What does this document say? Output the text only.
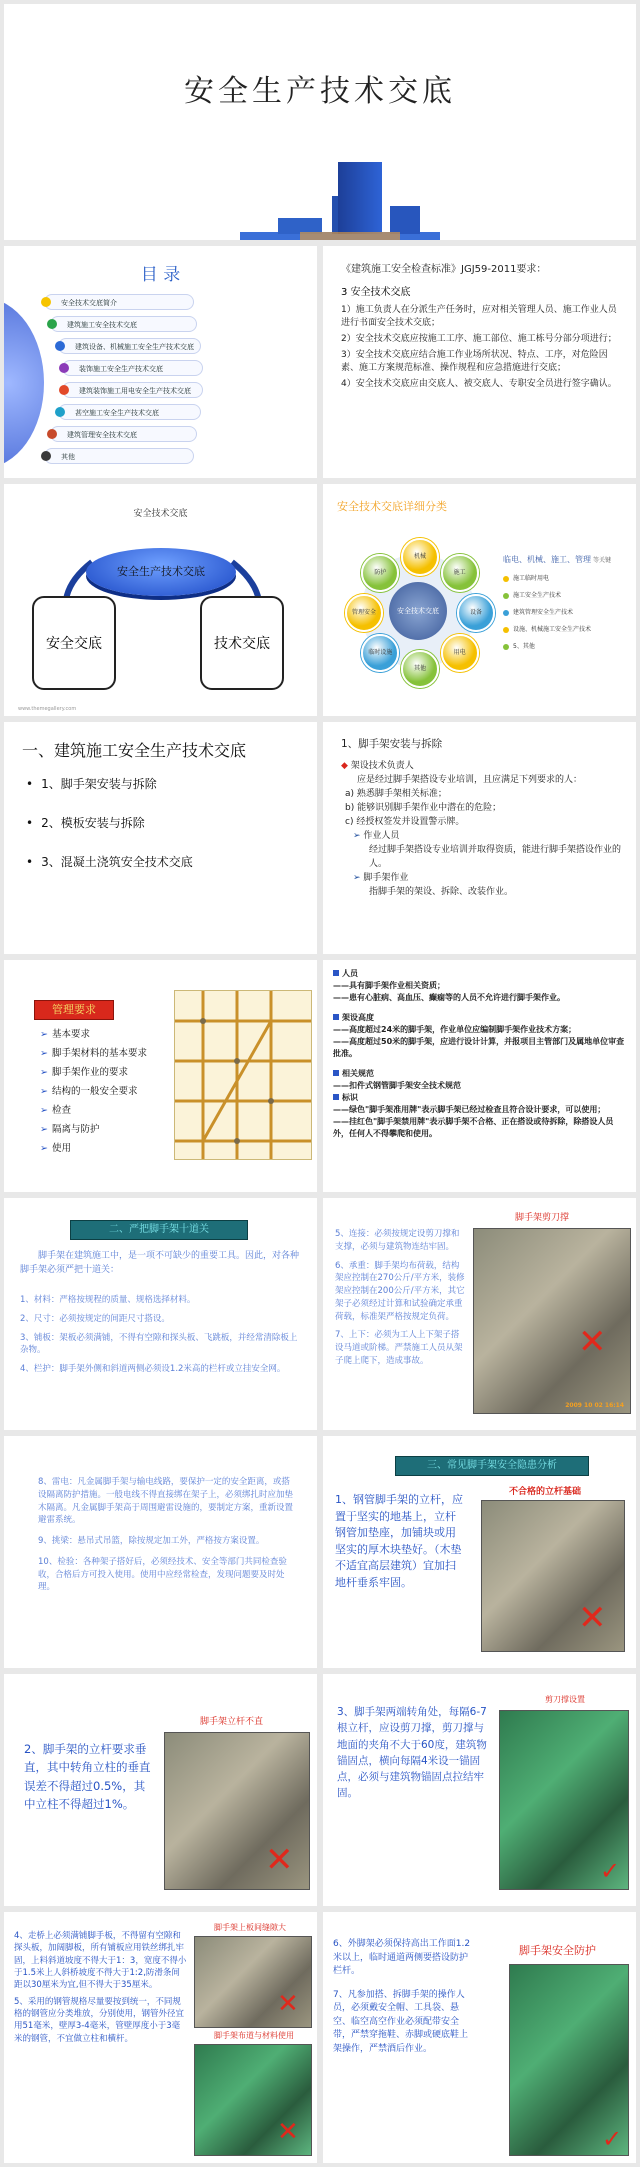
安全生产技术交底
目 录
安全技术交底简介
建筑施工安全技术交底
建筑设备、机械施工安全生产技术交底
装饰施工安全生产技术交底
建筑装饰施工用电安全生产技术交底
甚空施工安全生产技术交底
建筑管理安全技术交底
其他
《建筑施工安全检查标准》JGJ59-2011要求：
3 安全技术交底
1）施工负责人在分派生产任务时，应对相关管理人员、施工作业人员进行书面安全技术交底；
2）安全技术交底应按施工工序、施工部位、施工栋号分部分项进行；
3）安全技术交底应结合施工作业场所状况、特点、工序，对危险因素、施工方案规范标准、操作规程和应急措施进行交底；
4）安全技术交底应由交底人、被交底人、专职安全员进行签字确认。
安全技术交底
安全生产技术交底
安全交底	技术交底
www.themegallery.com
安全技术交底详细分类
安全技术交底
机械
施工
设备
用电
其他
临时设施
管理安全
防护
临电、机械、施工、管理 等关键
施工临时用电
施工安全生产技术
建筑管理安全生产技术
设施、机械施工安全生产技术
5、其他
一、建筑施工安全生产技术交底
• 1、脚手架安装与拆除
• 2、模板安装与拆除
• 3、混凝土浇筑安全技术交底
1、脚手架安装与拆除
◆ 架设技术负责人
应是经过脚手架搭设专业培训，且应满足下列要求的人：
a) 熟悉脚手架相关标准；
b) 能够识别脚手架作业中潜在的危险；
c) 经授权签发并设置警示牌。
➢ 作业人员
经过脚手架搭设专业培训并取得资质，能进行脚手架搭设作业的人。
➢ 脚手架作业
指脚手架的架设、拆除、改装作业。
管理要求
➢ 基本要求
➢ 脚手架材料的基本要求
➢ 脚手架作业的要求
➢ 结构的一般安全要求
➢ 检查
➢ 隔离与防护
➢ 使用
人员
——具有脚手架作业相关资质；
——患有心脏病、高血压、癫痫等的人员不允许进行脚手架作业。
架设高度
——高度超过24米的脚手架，作业单位应编制脚手架作业技术方案；
——高度超过50米的脚手架，应进行设计计算，并报项目主管部门及属地单位审查批准。
相关规范
——扣件式钢管脚手架安全技术规范
标识
——绿色"脚手架准用牌"表示脚手架已经过检查且符合设计要求，可以使用；
——挂红色"脚手架禁用牌"表示脚手架不合格、正在搭设或待拆除，除搭设人员外，任何人不得攀爬和使用。
二、严把脚手架十道关
脚手架在建筑施工中，是一项不可缺少的重要工具。因此，对各种脚手架必须严把十道关：
1、材料：严格按规程的质量、规格选择材料。
2、尺寸：必须按规定的间距尺寸搭设。
3、铺板：架板必须满铺，不得有空隙和探头板、飞跳板，并经常清除板上杂物。
4、栏护：脚手架外侧和斜道两侧必须设1.2米高的栏杆或立挂安全网。
5、连接：必须按规定设剪刀撑和支撑，必须与建筑物连结牢固。
6、承重：脚手架均布荷载，结构架应控制在270公斤/平方米，装修架应控制在200公斤/平方米，其它架子必须经过计算和试验确定承重荷载，标准架严格按规定负荷。
7、上下：必须为工人上下架子搭设马道或阶梯。严禁施工人员从架子爬上爬下，造成事故。
脚手架剪刀撑
✕
2009 10 02 16:14
8、雷电：凡金属脚手架与输电线路，要保护一定的安全距离，或搭设隔离防护措施。一般电线不得直接绑在架子上，必须绑扎时应加垫木隔离。凡金属脚手架高于周围避雷设施的，要制定方案，重新设置避雷系统。
9、挑梁：悬吊式吊篮，除按规定加工外，严格按方案设置。
10、检验：各种架子搭好后，必须经技术、安全等部门共同检查验收，合格后方可投入使用。使用中应经常检查，发现问题要及时处理。
三、常见脚手架安全隐患分析
1、钢管脚手架的立杆，应置于坚实的地基上，立杆钢管加垫座，加铺块或用坚实的厚木块垫好。（木垫不适宜高层建筑）宜加扫地杆垂系牢固。
不合格的立杆基础
✕
2、脚手架的立杆要求垂直，其中转角立柱的垂直误差不得超过0.5%，其中立柱不得超过1%。
脚手架立杆不直
✕
3、脚手架两端转角处，每隔6-7根立杆，应设剪刀撑，剪刀撑与地面的夹角不大于60度，建筑物锚固点，横向每隔4米设一锚固点，必须与建筑物锚固点拉结牢固。
剪刀撑设置
✓
4、走桥上必须满铺脚手板，不得留有空隙和探头板，加阔脚板，所有铺板应用铁丝绑扎牢固，上料斜道坡度不得大于1：3，宽度不得小于1.5米上人斜桥坡度不得大于1:2,防滑条间距以30厘米为宜,但不得大于35厘米。
5、采用的钢管规格尽量要按到统一，不同规格的钢管应分类堆放，分别使用，钢管外径宜用51毫米，壁厚3-4毫米，管壁厚度小于3毫米的钢管，不宜做立柱和横杆。
脚手架上板间缝隙大
✕
脚手架布道与材料使用
✕
6、外脚架必须保持高出工作面1.2米以上，临时通道两侧要搭设防护栏杆。
7、凡参加搭、拆脚手架的操作人员，必须戴安全帽、工具袋、悬空、临空高空作业必须配带安全带，严禁穿拖鞋、赤脚或硬底鞋上架操作，严禁酒后作业。
脚手架安全防护
✓
